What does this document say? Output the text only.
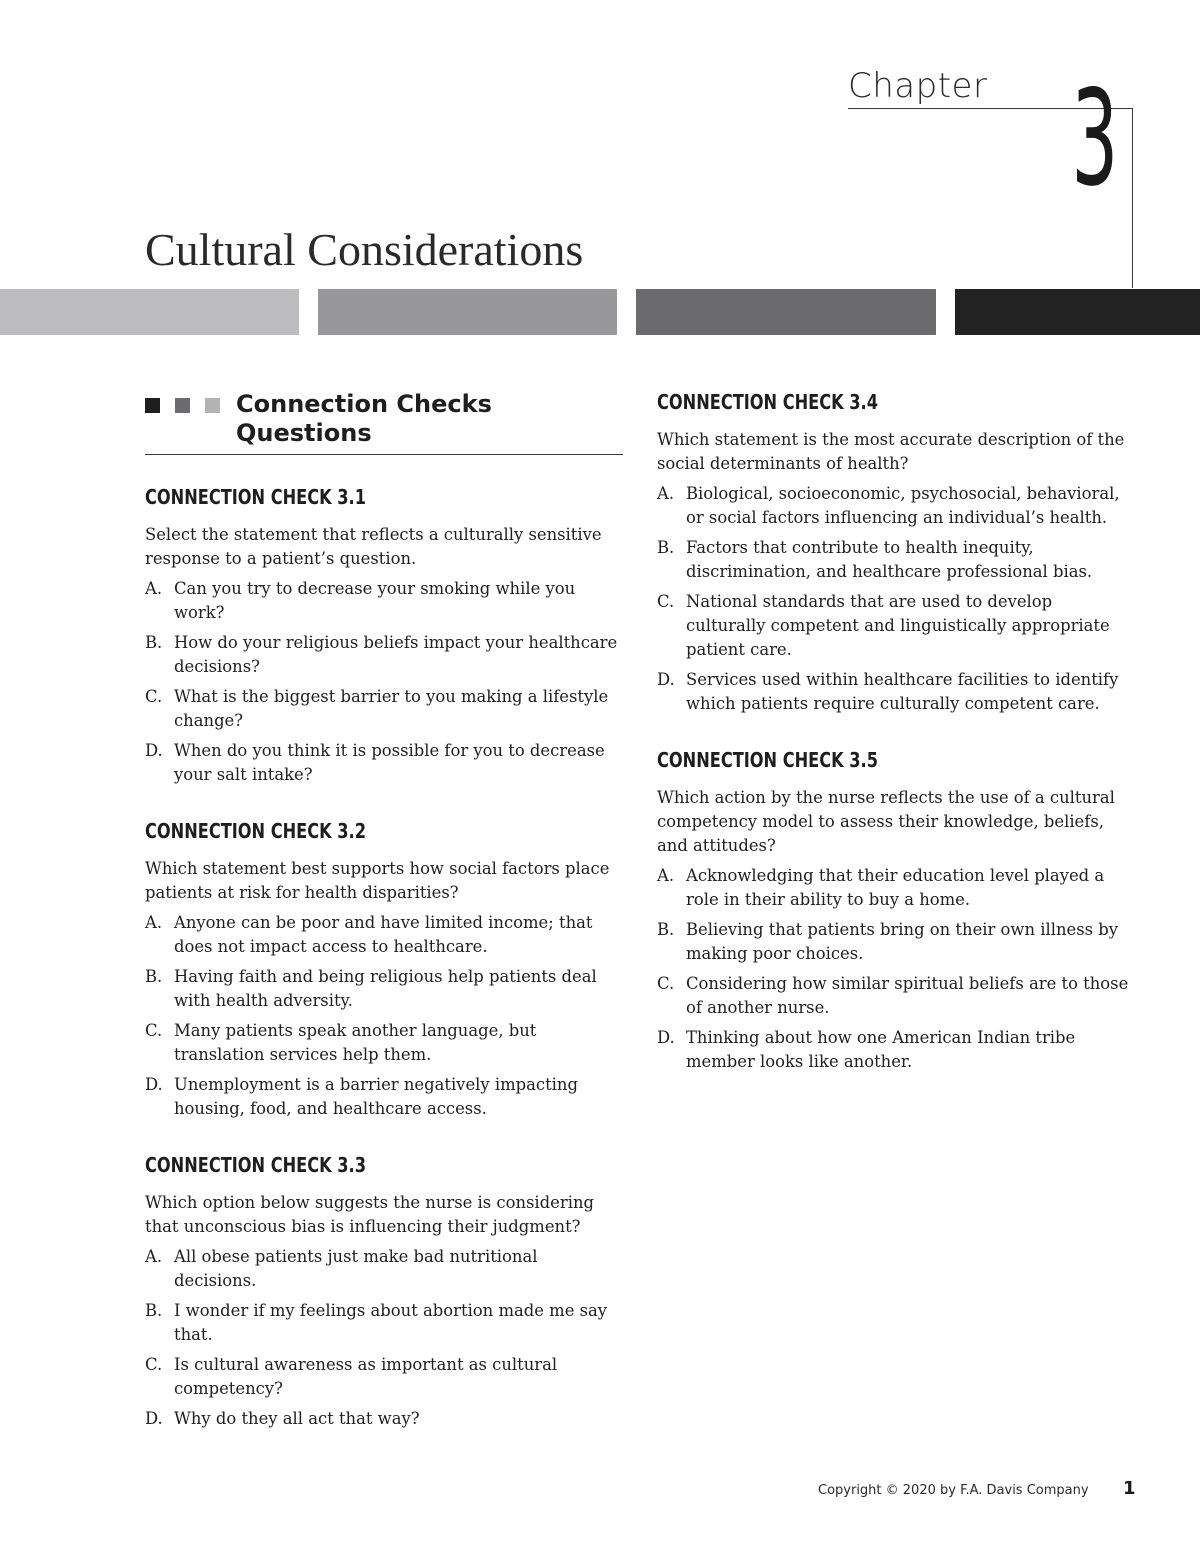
Chapter 3
Cultural Considerations
Connection Checks
Questions
CONNECTION CHECK 3.1
Select the statement that reflects a culturally sensitive response to a patient’s question.
A. Can you try to decrease your smoking while you work?
B. How do your religious beliefs impact your healthcare decisions?
C. What is the biggest barrier to you making a lifestyle change?
D. When do you think it is possible for you to decrease your salt intake?
CONNECTION CHECK 3.2
Which statement best supports how social factors place patients at risk for health disparities?
A. Anyone can be poor and have limited income; that does not impact access to healthcare.
B. Having faith and being religious help patients deal with health adversity.
C. Many patients speak another language, but translation services help them.
D. Unemployment is a barrier negatively impacting housing, food, and healthcare access.
CONNECTION CHECK 3.3
Which option below suggests the nurse is considering that unconscious bias is influencing their judgment?
A. All obese patients just make bad nutritional decisions.
B. I wonder if my feelings about abortion made me say that.
C. Is cultural awareness as important as cultural competency?
D. Why do they all act that way?
CONNECTION CHECK 3.4
Which statement is the most accurate description of the social determinants of health?
A. Biological, socioeconomic, psychosocial, behavioral, or social factors influencing an individual’s health.
B. Factors that contribute to health inequity, discrimination, and healthcare professional bias.
C. National standards that are used to develop culturally competent and linguistically appropriate patient care.
D. Services used within healthcare facilities to identify which patients require culturally competent care.
CONNECTION CHECK 3.5
Which action by the nurse reflects the use of a cultural competency model to assess their knowledge, beliefs, and attitudes?
A. Acknowledging that their education level played a role in their ability to buy a home.
B. Believing that patients bring on their own illness by making poor choices.
C. Considering how similar spiritual beliefs are to those of another nurse.
D. Thinking about how one American Indian tribe member looks like another.
Copyright © 2020 by F.A. Davis Company 1
